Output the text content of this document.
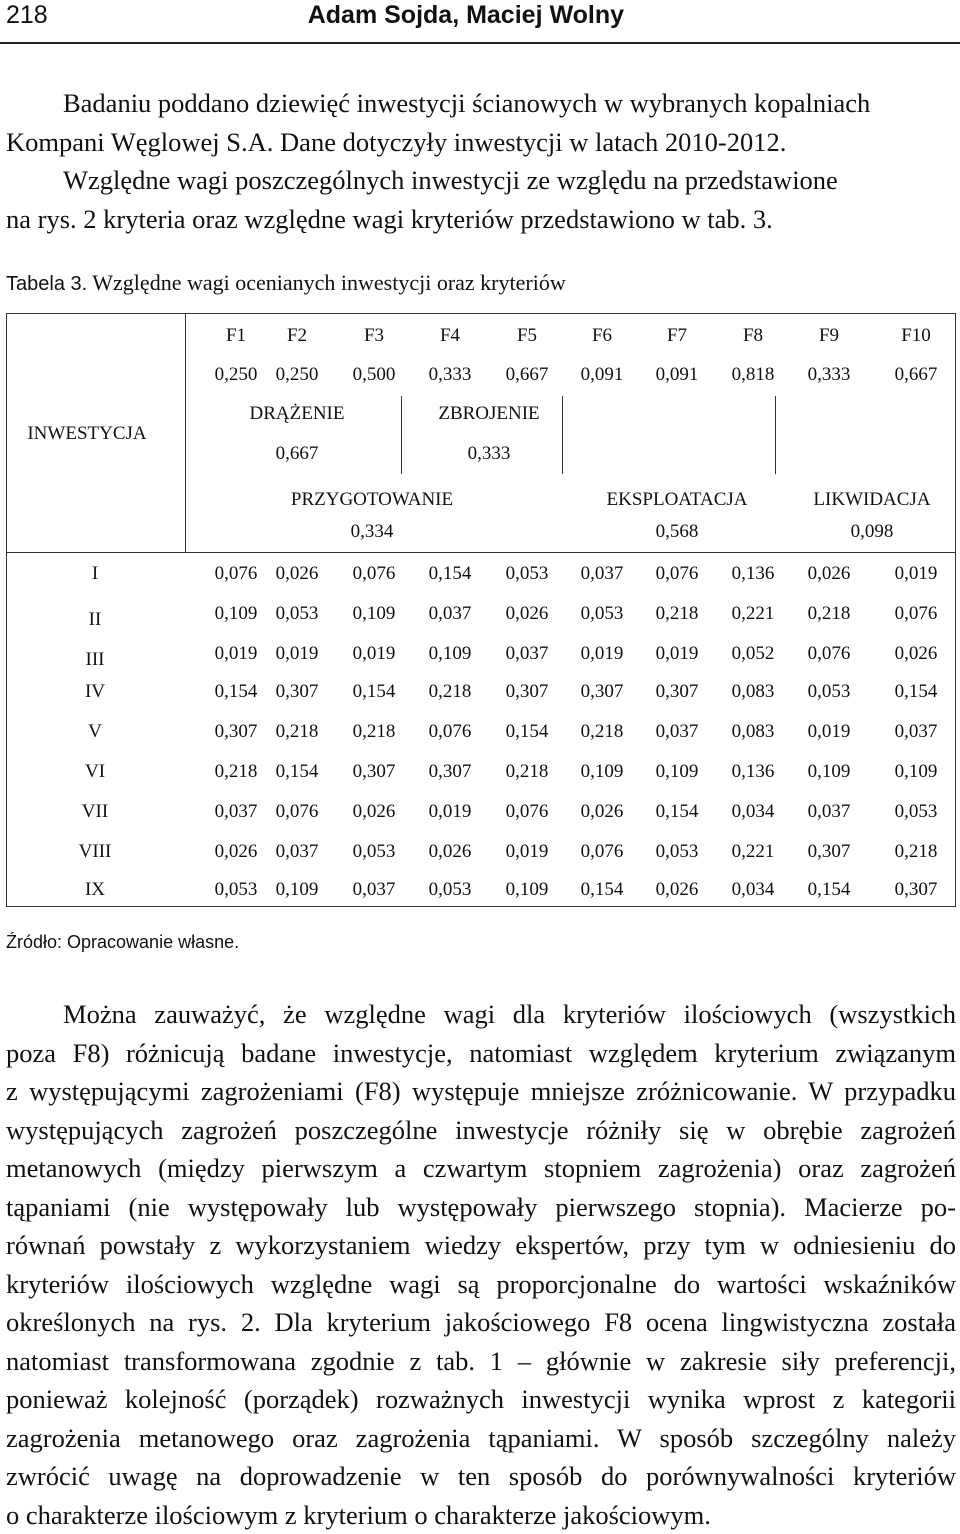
218	Adam Sojda, Maciej Wolny
Badaniu poddano dziewięć inwestycji ścianowych w wybranych kopalniach
Kompani Węglowej S.A. Dane dotyczyły inwestycji w latach 2010-2012.
Względne wagi poszczególnych inwestycji ze względu na przedstawione
na rys. 2 kryteria oraz względne wagi kryteriów przedstawiono w tab. 3.
Tabela 3. Względne wagi ocenianych inwestycji oraz kryteriów
INWESTYCJA
F1 F2	F3	F4	F5	F6	F7	F8	F9	F10
0,250 0,250 0,500 0,333 0,667 0,091 0,091 0,818 0,333 0,667
DRĄŻENIE	ZBROJENIE
0,667	0,333
PRZYGOTOWANIE	EKSPLOATACJA	LIKWIDACJA
0,334	0,568	0,098
I	0,076 0,026 0,076 0,154 0,053 0,037 0,076 0,136 0,026 0,019
II	0,109 0,053 0,109 0,037 0,026 0,053 0,218 0,221 0,218 0,076
III	0,019 0,019 0,019 0,109 0,037 0,019 0,019 0,052 0,076 0,026
IV	0,154 0,307 0,154 0,218 0,307 0,307 0,307 0,083 0,053 0,154
V	0,307 0,218 0,218 0,076 0,154 0,218 0,037 0,083 0,019 0,037
VI	0,218 0,154 0,307 0,307 0,218 0,109 0,109 0,136 0,109 0,109
VII	0,037 0,076 0,026 0,019 0,076 0,026 0,154 0,034 0,037 0,053
VIII	0,026 0,037 0,053 0,026 0,019 0,076 0,053 0,221 0,307 0,218
IX	0,053 0,109 0,037 0,053 0,109 0,154 0,026 0,034 0,154 0,307
Źródło: Opracowanie własne.
Można zauważyć, że względne wagi dla kryteriów ilościowych (wszystkich
poza F8) różnicują badane inwestycje, natomiast względem kryterium związanym
z występującymi zagrożeniami (F8) występuje mniejsze zróżnicowanie. W przypadku
występujących zagrożeń poszczególne inwestycje różniły się w obrębie zagrożeń
metanowych (między pierwszym a czwartym stopniem zagrożenia) oraz zagrożeń
tąpaniami (nie występowały lub występowały pierwszego stopnia). Macierze po-
równań powstały z wykorzystaniem wiedzy ekspertów, przy tym w odniesieniu do
kryteriów ilościowych względne wagi są proporcjonalne do wartości wskaźników
określonych na rys. 2. Dla kryterium jakościowego F8 ocena lingwistyczna została
natomiast transformowana zgodnie z tab. 1 – głównie w zakresie siły preferencji,
ponieważ kolejność (porządek) rozważnych inwestycji wynika wprost z kategorii
zagrożenia metanowego oraz zagrożenia tąpaniami. W sposób szczególny należy
zwrócić uwagę na doprowadzenie w ten sposób do porównywalności kryteriów
o charakterze ilościowym z kryterium o charakterze jakościowym.
